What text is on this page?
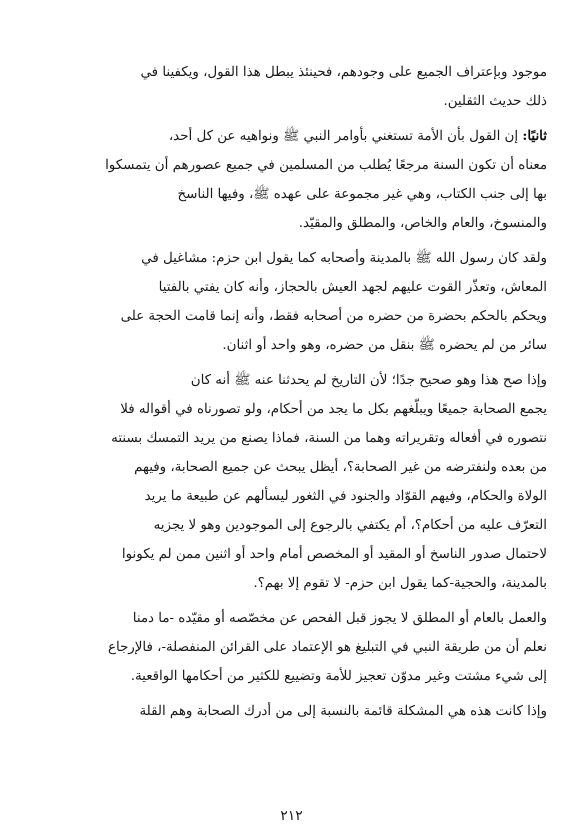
موجود وبإعتراف الجميع على وجودهم، فحينئذ يبطل هذا القول، ويكفينا في
ذلك حديث الثقلين.
ثانيًا: إن القول بأن الأمة تستغني بأوامر النبي ﷺ ونواهيه عن كل أحد،
معناه أن تكون السنة مرجعًا يُطلب من المسلمين في جميع عصورهم أن يتمسكوا
بها إلى جنب الكتاب، وهي غير مجموعة على عهده ﷺ، وفيها الناسخ
والمنسوخ، والعام والخاص، والمطلق والمقيّد.
ولقد كان رسول الله ﷺ بالمدينة وأصحابه كما يقول ابن حزم: مشاغيل في
المعاش، وتعذّر القوت عليهم لجهد العيش بالحجاز، وأنه كان يفتي بالفتيا
ويحكم بالحكم بحضرة من حضره من أصحابه فقط، وأنه إنما قامت الحجة على
سائر من لم يحضره ﷺ بنقل من حضره، وهو واحد أو اثنان.
وإذا صح هذا وهو صحيح جدًا؛ لأن التاريخ لم يحدثنا عنه ﷺ أنه كان
يجمع الصحابة جميعًا ويبلّغهم بكل ما يجد من أحكام، ولو تصورناه في أقواله فلا
نتصوره في أفعاله وتقريراته وهما من السنة، فماذا يصنع من يريد التمسك بسنته
من بعده ولنفترضه من غير الصحابة؟، أيظل يبحث عن جميع الصحابة، وفيهم
الولاة والحكام، وفيهم القوّاد والجنود في الثغور ليسألهم عن طبيعة ما يريد
التعرّف عليه من أحكام؟، أم يكتفي بالرجوع إلى الموجودين وهو لا يجزيه
لاحتمال صدور الناسخ أو المقيد أو المخصص أمام واحد أو اثنين ممن لم يكونوا
بالمدينة، والحجية-كما يقول ابن حزم- لا تقوم إلا بهم؟.
والعمل بالعام أو المطلق لا يجوز قبل الفحص عن مخصّصه أو مقيّده -ما دمنا
نعلم أن من طريقة النبي في التبليغ هو الإعتماد على القرائن المنفصلة-، فالإرجاع
إلى شيء مشتت وغير مدوّن تعجيز للأمة وتضييع للكثير من أحكامها الواقعية.
وإذا كانت هذه هي المشكلة قائمة بالنسبة إلى من أدرك الصحابة وهم القلة
٢١٢
